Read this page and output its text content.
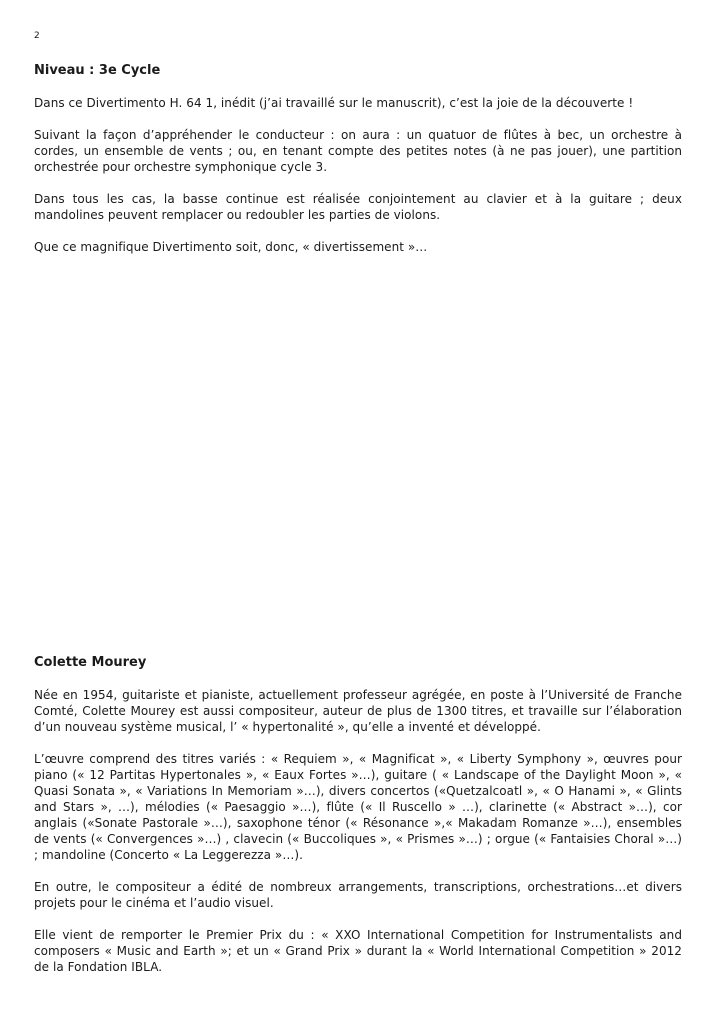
2
Niveau : 3e Cycle

Dans ce Divertimento H. 64 1, inédit (j’ai travaillé sur le manuscrit), c’est la joie de la découverte !

Suivant la façon d’appréhender le conducteur : on aura : un quatuor de flûtes à bec, un orchestre à cordes, un ensemble de vents ; ou, en tenant compte des petites notes (à ne pas jouer), une partition orchestrée pour orchestre symphonique cycle 3.

Dans tous les cas, la basse continue est réalisée conjointement au clavier et à la guitare ; deux mandolines peuvent remplacer ou redoubler les parties de violons.

Que ce magnifique Divertimento soit, donc, « divertissement »…

Colette Mourey

Née en 1954, guitariste et pianiste, actuellement professeur agrégée, en poste à l’Université de Franche Comté, Colette Mourey est aussi compositeur, auteur de plus de 1300 titres, et travaille sur l’élaboration d’un nouveau système musical, l’ « hypertonalité », qu’elle a inventé et développé.

L’œuvre comprend des titres variés : « Requiem », « Magnificat », « Liberty Symphony », œuvres pour piano (« 12 Partitas Hypertonales », « Eaux Fortes »…), guitare ( « Landscape of the Daylight Moon », « Quasi Sonata », « Variations In Memoriam »…), divers concertos («Quetzalcoatl », « O Hanami », « Glints and Stars », …), mélodies (« Paesaggio »…), flûte (« Il Ruscello » …), clarinette (« Abstract »…), cor anglais («Sonate Pastorale »…), saxophone ténor (« Résonance »,« Makadam Romanze »…), ensembles de vents (« Convergences »…) , clavecin (« Buccoliques », « Prismes »…) ; orgue (« Fantaisies Choral »…) ; mandoline (Concerto « La Leggerezza »…).

En outre, le compositeur a édité de nombreux arrangements, transcriptions, orchestrations…et divers projets pour le cinéma et l’audio visuel.

Elle vient de remporter le Premier Prix du : « XXO International Competition for Instrumentalists and composers « Music and Earth »; et un « Grand Prix » durant la « World International Competition » 2012 de la Fondation IBLA.
